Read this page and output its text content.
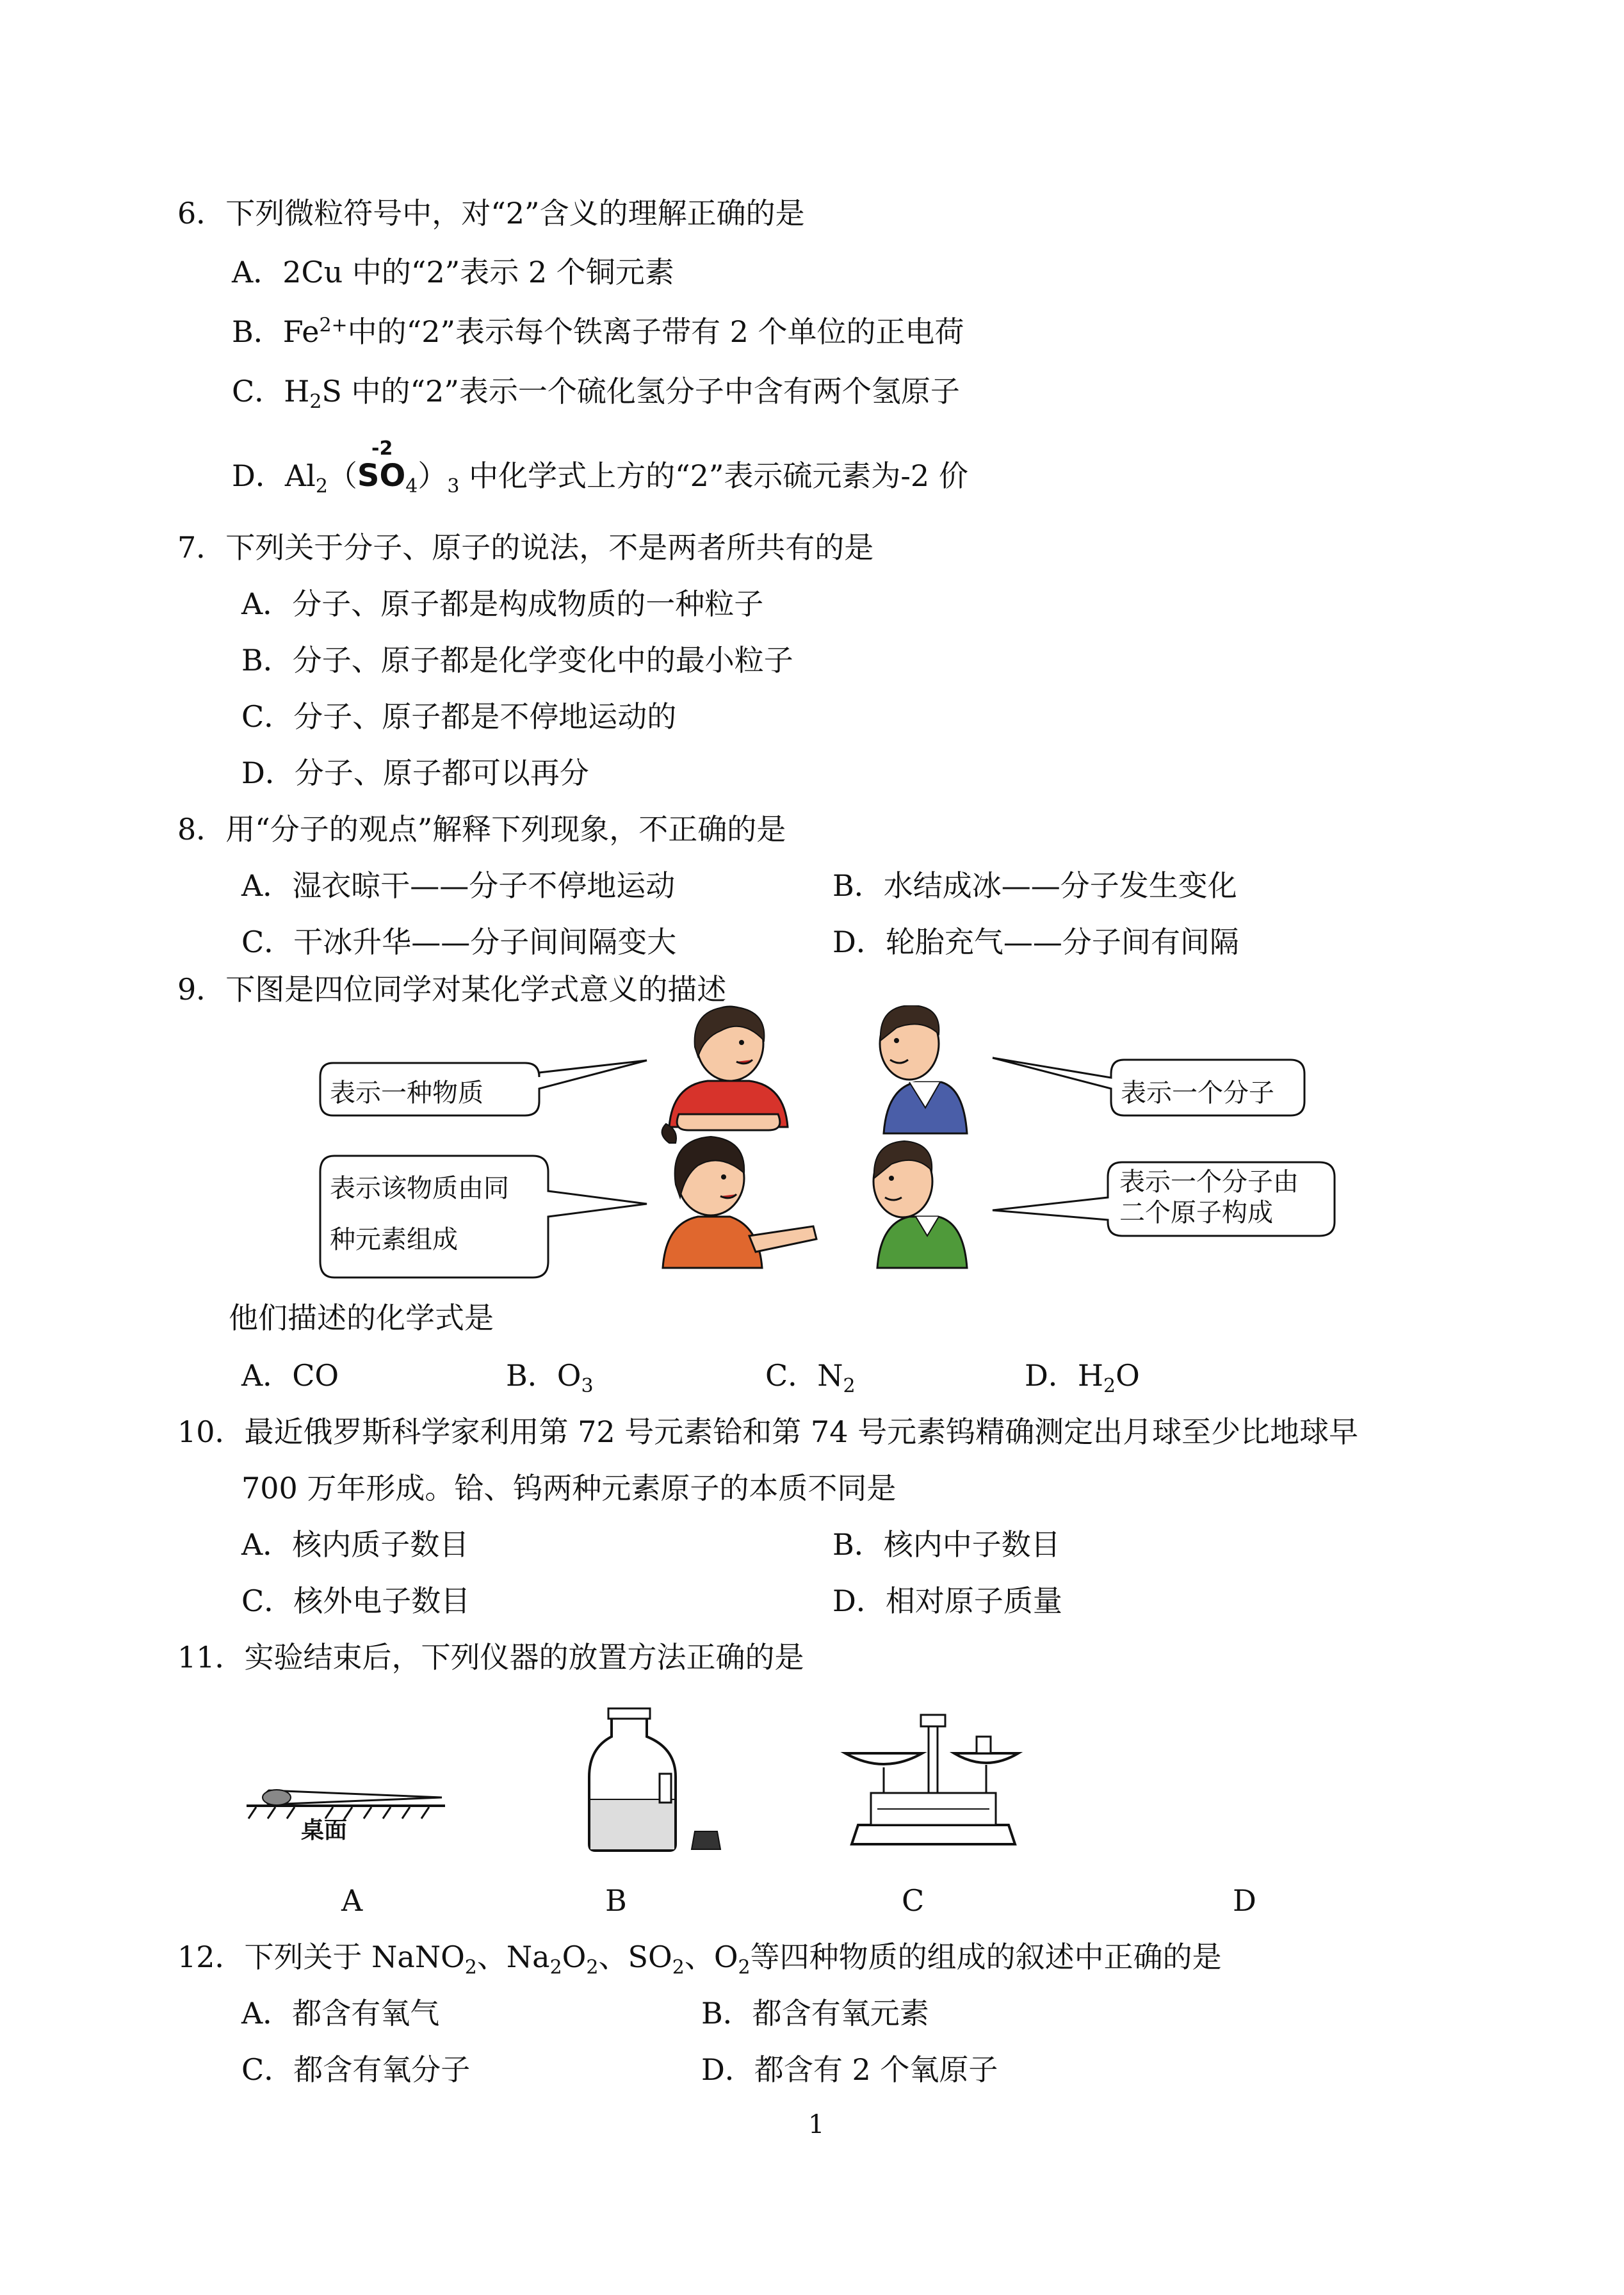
6．下列微粒符号中，对“2”含义的理解正确的是
A．2Cu 中的“2”表示 2 个铜元素
B．$Fe^{2+}$中的“2”表示每个铁离子带有 2 个单位的正电荷
C．$H_2S$ 中的“2”表示一个硫化氢分子中含有两个氢原子
-2
D．$Al_2(SO_4)_3$ 中化学式上方的“2”表示硫元素为-2 价
7．下列关于分子、原子的说法，不是两者所共有的是
A．分子、原子都是构成物质的一种粒子
B．分子、原子都是化学变化中的最小粒子
C．分子、原子都是不停地运动的
D．分子、原子都可以再分
8．用“分子的观点”解释下列现象，不正确的是
A．湿衣晾干——分子不停地运动	B．水结成冰——分子发生变化
C．干冰升华——分子间间隔变大	D．轮胎充气——分子间有间隔
9．下图是四位同学对某化学式意义的描述
表示一种物质	表示一个分子
表示该物质由同
种元素组成
表示一个分子由
二个原子构成
他们描述的化学式是
A．CO	B．$O_3$	C．$N_2$	D．$H_2O$
10．最近俄罗斯科学家利用第 72 号元素铪和第 74 号元素钨精确测定出月球至少比地球早
700 万年形成。铪、钨两种元素原子的本质不同是
A．核内质子数目	B．核内中子数目
C．核外电子数目	D．相对原子质量
11．实验结束后，下列仪器的放置方法正确的是
桌面
A	B	C	D
12．下列关于 NaNO$_2$、$Na_2O_2$、$SO_2$、$O_2$等四种物质的组成的叙述中正确的是
A．都含有氧气	B．都含有氧元素
C．都含有氧分子	D．都含有 2 个氧原子
1
